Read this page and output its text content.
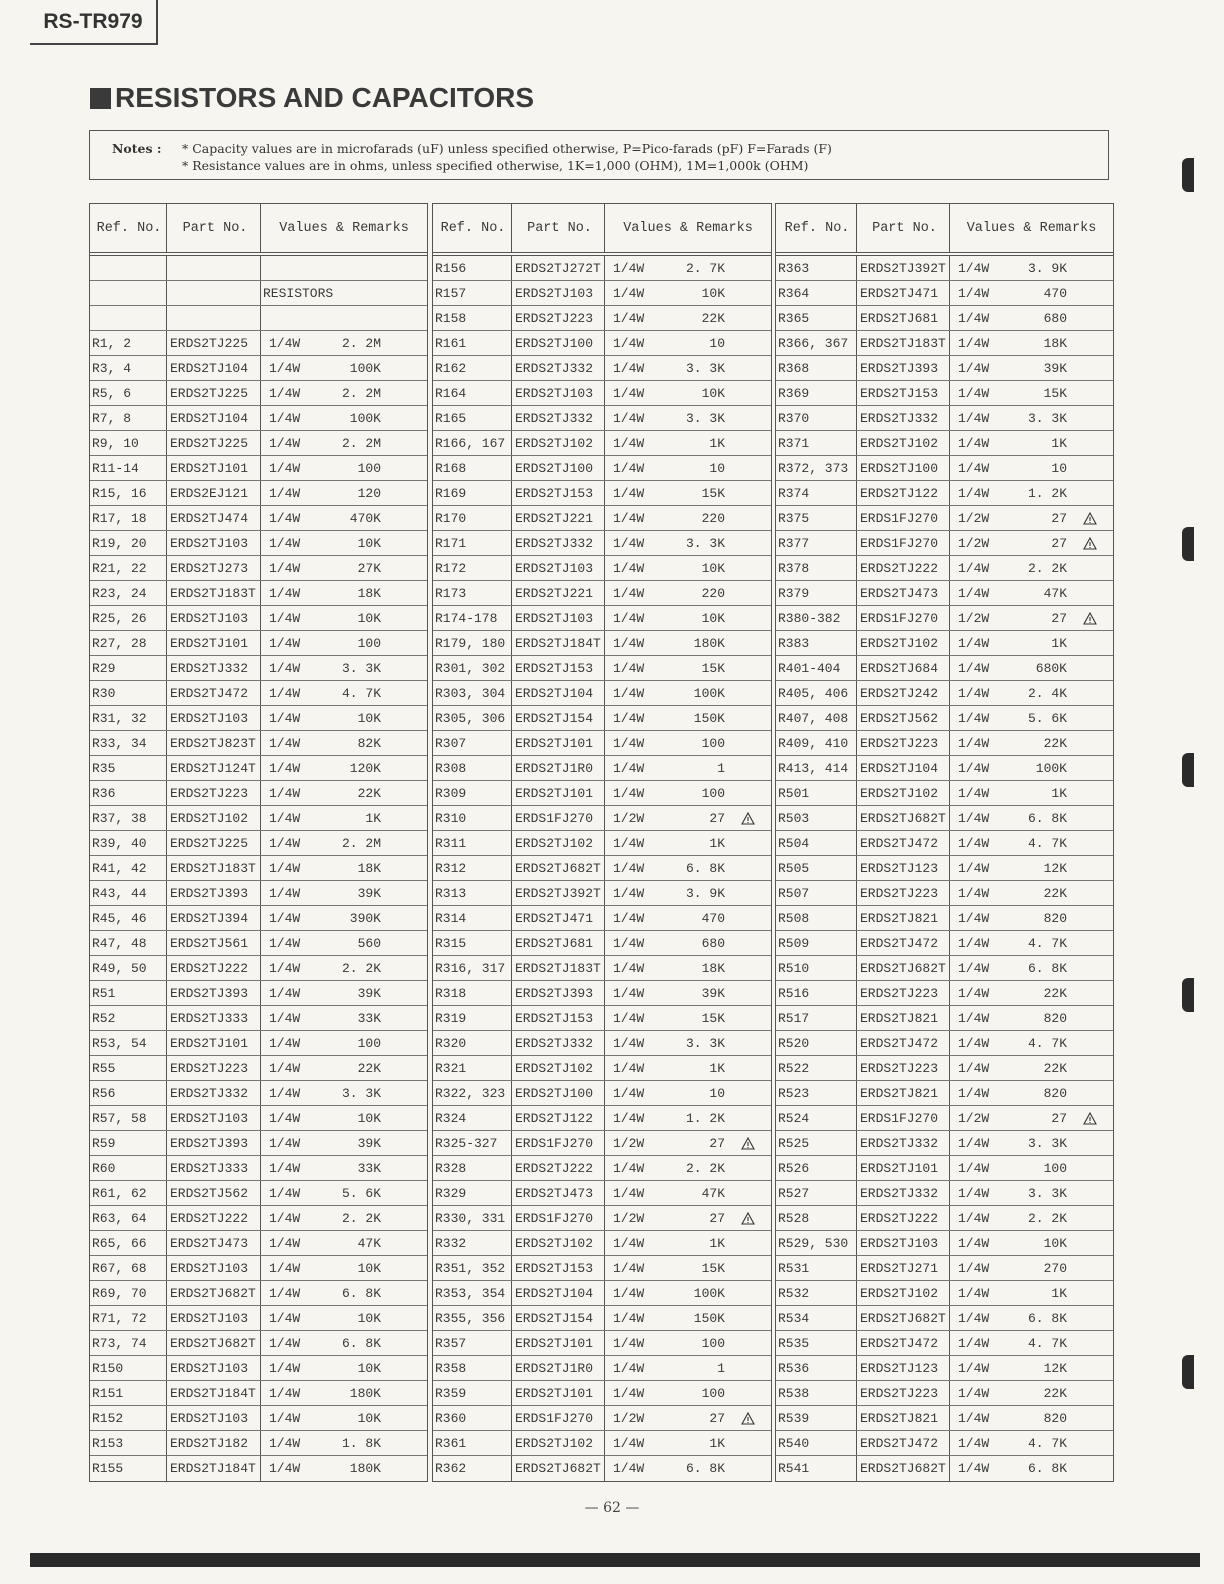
RS-TR979
RESISTORS AND CAPACITORS
Notes : * Capacity values are in microfarads (uF) unless specified otherwise, P=Pico-farads (pF) F=Farads (F)
* Resistance values are in ohms, unless specified otherwise, 1K=1,000 (OHM), 1M=1,000k (OHM)
Ref. No.	Part No.	Values & Remarks
RESISTORS
R1, 2	ERDS2TJ225	1/4W	2. 2M
R3, 4	ERDS2TJ104	1/4W	100K
R5, 6	ERDS2TJ225	1/4W	2. 2M
R7, 8	ERDS2TJ104	1/4W	100K
R9, 10	ERDS2TJ225	1/4W	2. 2M
R11-14	ERDS2TJ101	1/4W	100
R15, 16	ERDS2EJ121	1/4W	120
R17, 18	ERDS2TJ474	1/4W	470K
R19, 20	ERDS2TJ103	1/4W	10K
R21, 22	ERDS2TJ273	1/4W	27K
R23, 24	ERDS2TJ183T	1/4W	18K
R25, 26	ERDS2TJ103	1/4W	10K
R27, 28	ERDS2TJ101	1/4W	100
R29	ERDS2TJ332	1/4W	3. 3K
R30	ERDS2TJ472	1/4W	4. 7K
R31, 32	ERDS2TJ103	1/4W	10K
R33, 34	ERDS2TJ823T	1/4W	82K
R35	ERDS2TJ124T	1/4W	120K
R36	ERDS2TJ223	1/4W	22K
R37, 38	ERDS2TJ102	1/4W	1K
R39, 40	ERDS2TJ225	1/4W	2. 2M
R41, 42	ERDS2TJ183T	1/4W	18K
R43, 44	ERDS2TJ393	1/4W	39K
R45, 46	ERDS2TJ394	1/4W	390K
R47, 48	ERDS2TJ561	1/4W	560
R49, 50	ERDS2TJ222	1/4W	2. 2K
R51	ERDS2TJ393	1/4W	39K
R52	ERDS2TJ333	1/4W	33K
R53, 54	ERDS2TJ101	1/4W	100
R55	ERDS2TJ223	1/4W	22K
R56	ERDS2TJ332	1/4W	3. 3K
R57, 58	ERDS2TJ103	1/4W	10K
R59	ERDS2TJ393	1/4W	39K
R60	ERDS2TJ333	1/4W	33K
R61, 62	ERDS2TJ562	1/4W	5. 6K
R63, 64	ERDS2TJ222	1/4W	2. 2K
R65, 66	ERDS2TJ473	1/4W	47K
R67, 68	ERDS2TJ103	1/4W	10K
R69, 70	ERDS2TJ682T	1/4W	6. 8K
R71, 72	ERDS2TJ103	1/4W	10K
R73, 74	ERDS2TJ682T	1/4W	6. 8K
R150	ERDS2TJ103	1/4W	10K
R151	ERDS2TJ184T	1/4W	180K
R152	ERDS2TJ103	1/4W	10K
R153	ERDS2TJ182	1/4W	1. 8K
R155	ERDS2TJ184T	1/4W	180K
Ref. No.	Part No.	Values & Remarks
R156	ERDS2TJ272T 1/4W	2. 7K
R157	ERDS2TJ103	1/4W	10K
R158	ERDS2TJ223	1/4W	22K
R161	ERDS2TJ100	1/4W	10
R162	ERDS2TJ332	1/4W	3. 3K
R164	ERDS2TJ103	1/4W	10K
R165	ERDS2TJ332	1/4W	3. 3K
R166, 167 ERDS2TJ102	1/4W	1K
R168	ERDS2TJ100	1/4W	10
R169	ERDS2TJ153	1/4W	15K
R170	ERDS2TJ221	1/4W	220
R171	ERDS2TJ332	1/4W	3. 3K
R172	ERDS2TJ103	1/4W	10K
R173	ERDS2TJ221	1/4W	220
R174-178	ERDS2TJ103	1/4W	10K
R179, 180 ERDS2TJ184T 1/4W	180K
R301, 302 ERDS2TJ153	1/4W	15K
R303, 304 ERDS2TJ104	1/4W	100K
R305, 306 ERDS2TJ154	1/4W	150K
R307	ERDS2TJ101	1/4W	100
R308	ERDS2TJ1R0	1/4W	1
R309	ERDS2TJ101	1/4W	100
R310	ERDS1FJ270	1/2W	27
R311	ERDS2TJ102	1/4W	1K
R312	ERDS2TJ682T 1/4W	6. 8K
R313	ERDS2TJ392T 1/4W	3. 9K
R314	ERDS2TJ471	1/4W	470
R315	ERDS2TJ681	1/4W	680
R316, 317 ERDS2TJ183T 1/4W	18K
R318	ERDS2TJ393	1/4W	39K
R319	ERDS2TJ153	1/4W	15K
R320	ERDS2TJ332	1/4W	3. 3K
R321	ERDS2TJ102	1/4W	1K
R322, 323 ERDS2TJ100	1/4W	10
R324	ERDS2TJ122	1/4W	1. 2K
R325-327	ERDS1FJ270	1/2W	27
R328	ERDS2TJ222	1/4W	2. 2K
R329	ERDS2TJ473	1/4W	47K
R330, 331 ERDS1FJ270	1/2W	27
R332	ERDS2TJ102	1/4W	1K
R351, 352 ERDS2TJ153	1/4W	15K
R353, 354 ERDS2TJ104	1/4W	100K
R355, 356 ERDS2TJ154	1/4W	150K
R357	ERDS2TJ101	1/4W	100
R358	ERDS2TJ1R0	1/4W	1
R359	ERDS2TJ101	1/4W	100
R360	ERDS1FJ270	1/2W	27
R361	ERDS2TJ102	1/4W	1K
R362	ERDS2TJ682T 1/4W	6. 8K
Ref. No.	Part No.	Values & Remarks
R363	ERDS2TJ392T 1/4W	3. 9K
R364	ERDS2TJ471	1/4W	470
R365	ERDS2TJ681	1/4W	680
R366, 367 ERDS2TJ183T 1/4W	18K
R368	ERDS2TJ393	1/4W	39K
R369	ERDS2TJ153	1/4W	15K
R370	ERDS2TJ332	1/4W	3. 3K
R371	ERDS2TJ102	1/4W	1K
R372, 373 ERDS2TJ100	1/4W	10
R374	ERDS2TJ122	1/4W	1. 2K
R375	ERDS1FJ270	1/2W	27
R377	ERDS1FJ270	1/2W	27
R378	ERDS2TJ222	1/4W	2. 2K
R379	ERDS2TJ473	1/4W	47K
R380-382	ERDS1FJ270	1/2W	27
R383	ERDS2TJ102	1/4W	1K
R401-404	ERDS2TJ684	1/4W	680K
R405, 406 ERDS2TJ242	1/4W	2. 4K
R407, 408 ERDS2TJ562	1/4W	5. 6K
R409, 410 ERDS2TJ223	1/4W	22K
R413, 414 ERDS2TJ104	1/4W	100K
R501	ERDS2TJ102	1/4W	1K
R503	ERDS2TJ682T 1/4W	6. 8K
R504	ERDS2TJ472	1/4W	4. 7K
R505	ERDS2TJ123	1/4W	12K
R507	ERDS2TJ223	1/4W	22K
R508	ERDS2TJ821	1/4W	820
R509	ERDS2TJ472	1/4W	4. 7K
R510	ERDS2TJ682T 1/4W	6. 8K
R516	ERDS2TJ223	1/4W	22K
R517	ERDS2TJ821	1/4W	820
R520	ERDS2TJ472	1/4W	4. 7K
R522	ERDS2TJ223	1/4W	22K
R523	ERDS2TJ821	1/4W	820
R524	ERDS1FJ270	1/2W	27
R525	ERDS2TJ332	1/4W	3. 3K
R526	ERDS2TJ101	1/4W	100
R527	ERDS2TJ332	1/4W	3. 3K
R528	ERDS2TJ222	1/4W	2. 2K
R529, 530 ERDS2TJ103	1/4W	10K
R531	ERDS2TJ271	1/4W	270
R532	ERDS2TJ102	1/4W	1K
R534	ERDS2TJ682T 1/4W	6. 8K
R535	ERDS2TJ472	1/4W	4. 7K
R536	ERDS2TJ123	1/4W	12K
R538	ERDS2TJ223	1/4W	22K
R539	ERDS2TJ821	1/4W	820
R540	ERDS2TJ472	1/4W	4. 7K
R541	ERDS2TJ682T 1/4W	6. 8K
— 62 —
